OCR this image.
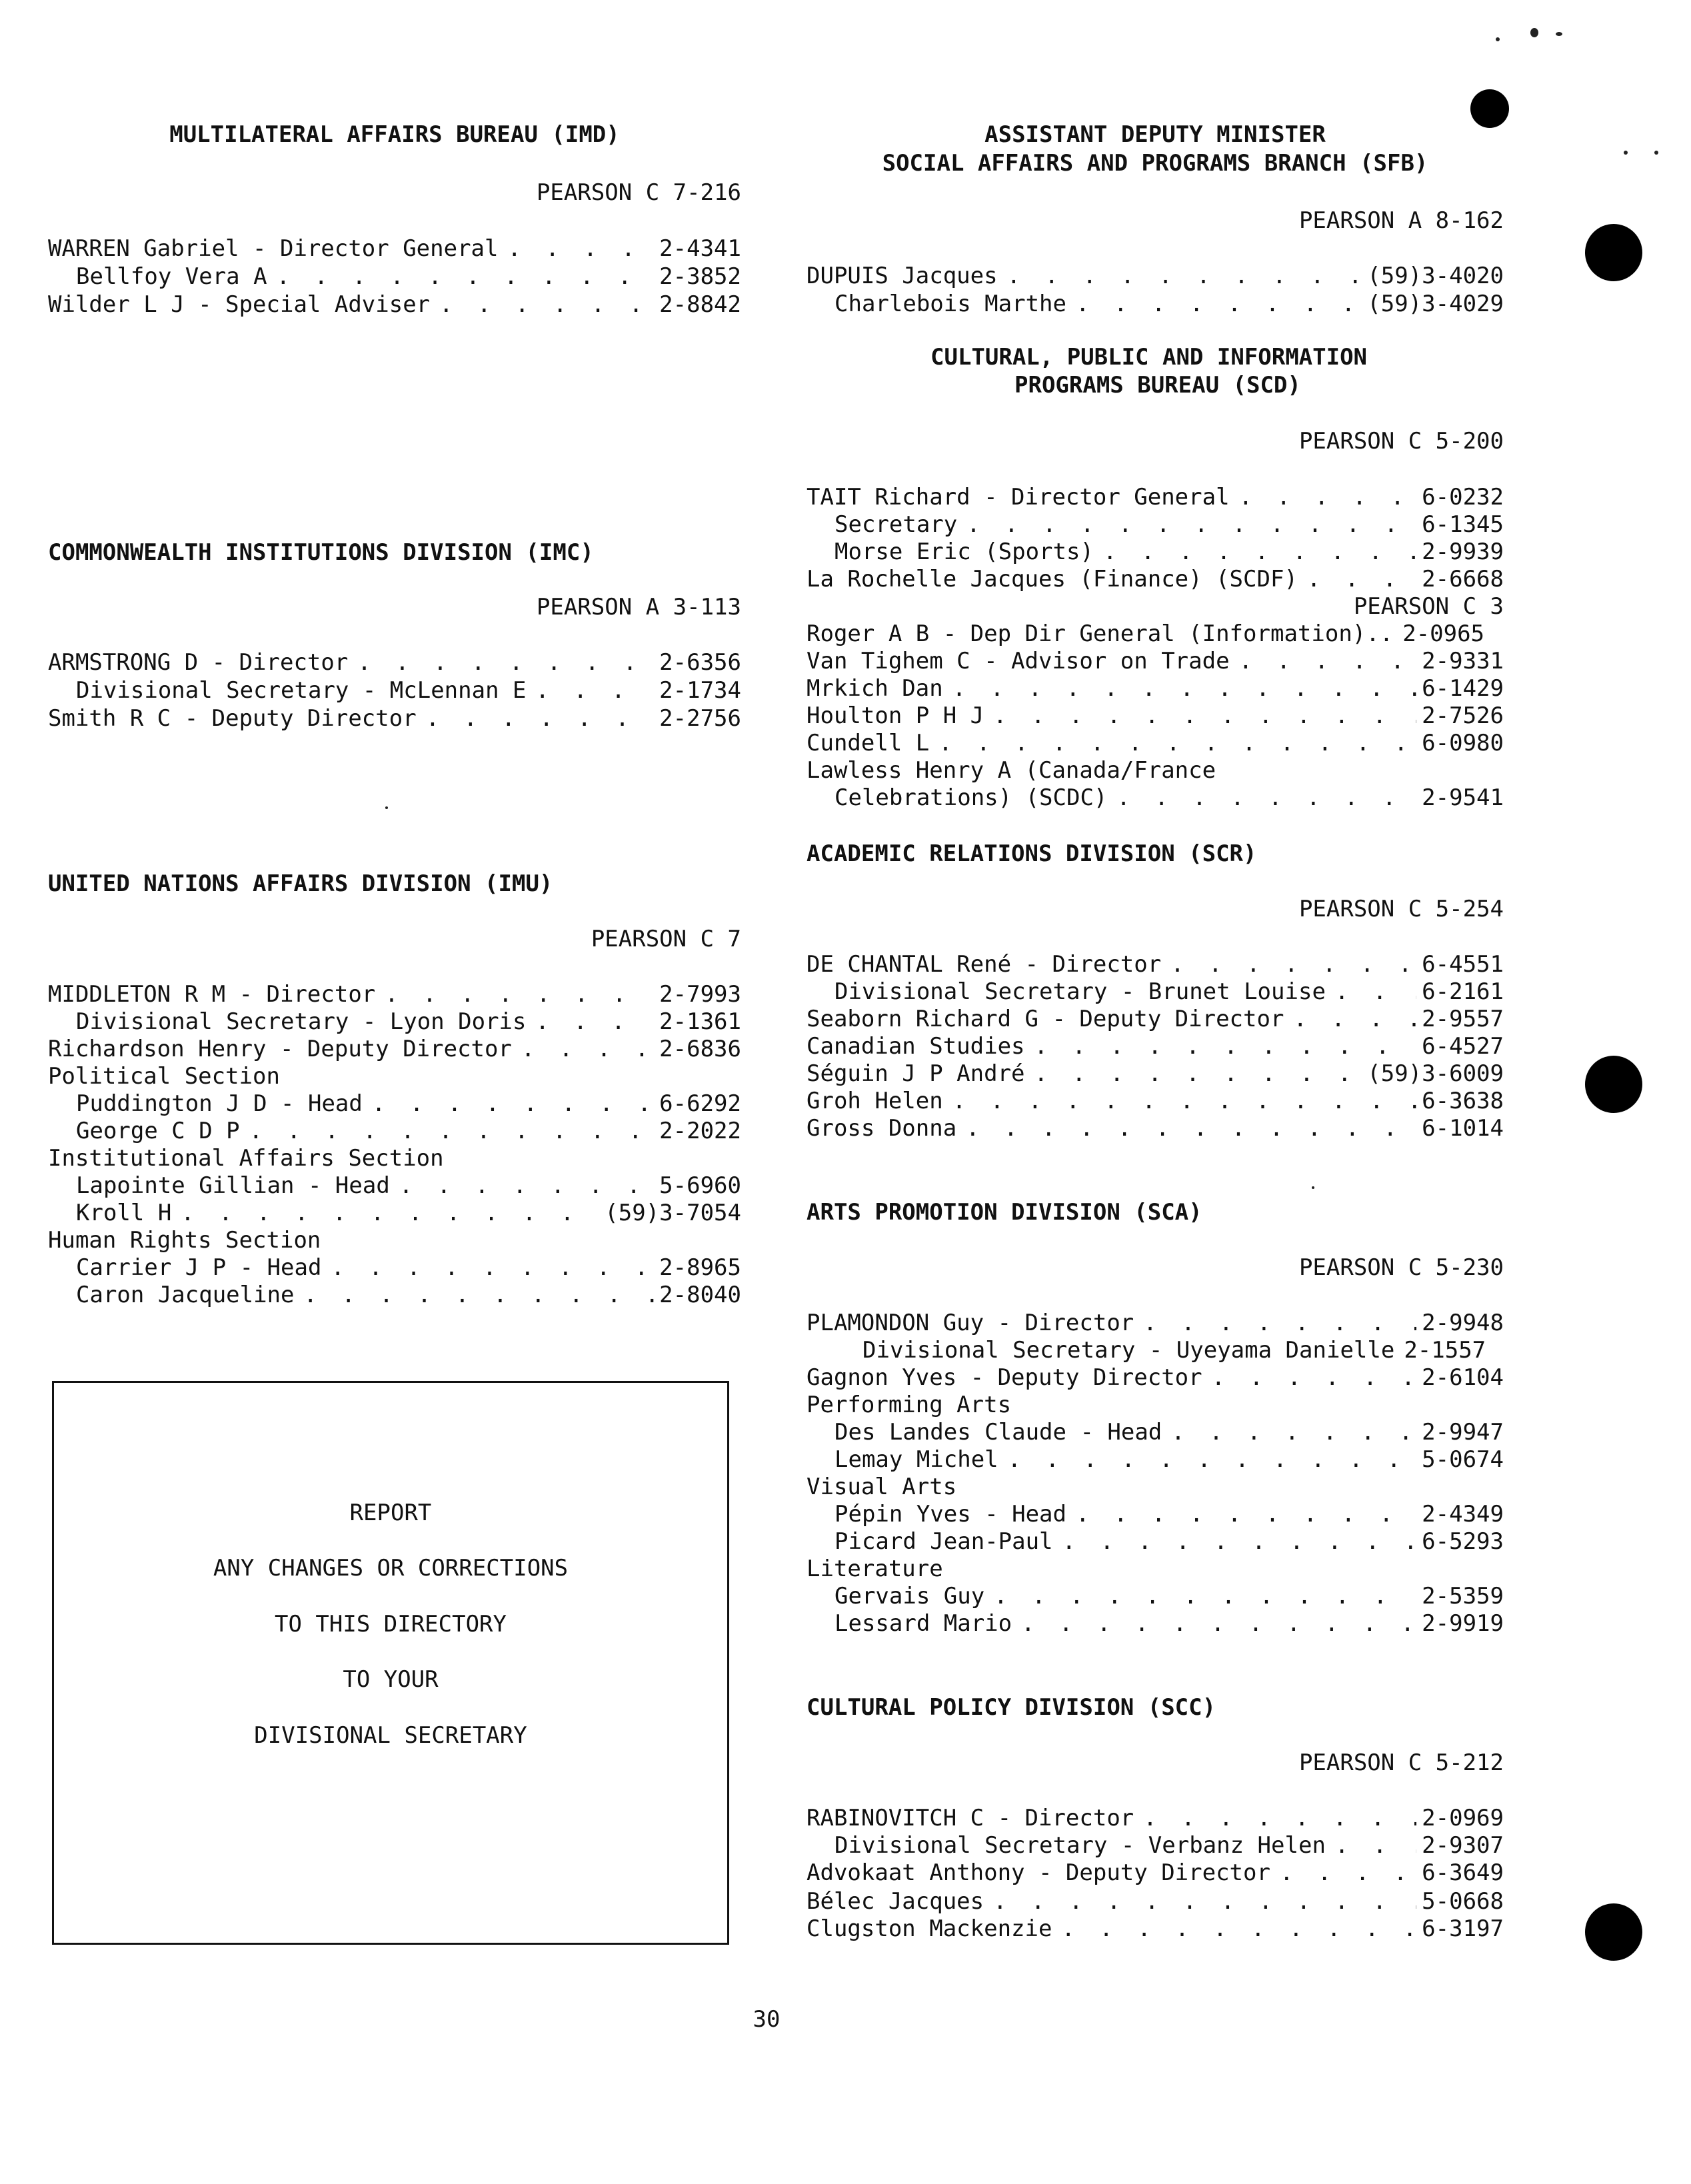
MULTILATERAL AFFAIRS BUREAU (IMD)
PEARSON C 7-216
WARREN Gabriel - Director General . . .	2-4341
Bellfoy Vera A . . .	2-3852
Wilder L J - Special Adviser . . .	2-8842
COMMONWEALTH INSTITUTIONS DIVISION (IMC)
PEARSON A 3-113
ARMSTRONG D - Director . . .	2-6356
Divisional Secretary - McLennan E . . .	2-1734
Smith R C - Deputy Director . . .	2-2756
UNITED NATIONS AFFAIRS DIVISION (IMU)
PEARSON C 7
MIDDLETON R M - Director . . .	2-7993
Divisional Secretary - Lyon Doris . . .	2-1361
Richardson Henry - Deputy Director . . .	2-6836
Political Section
Puddington J D - Head . . .	6-6292
George C D P . . .	2-2022
Institutional Affairs Section
Lapointe Gillian - Head . . .	5-6960
Kroll H . . .	(59)3-7054
Human Rights Section
Carrier J P - Head . . .	2-8965
Caron Jacqueline . . .	2-8040
REPORT
ANY CHANGES OR CORRECTIONS
TO THIS DIRECTORY
TO YOUR
DIVISIONAL SECRETARY
ASSISTANT DEPUTY MINISTER
SOCIAL AFFAIRS AND PROGRAMS BRANCH (SFB)
PEARSON A 8-162
DUPUIS Jacques . . .	(59)3-4020
Charlebois Marthe . . .	(59)3-4029
CULTURAL, PUBLIC AND INFORMATION
PROGRAMS BUREAU (SCD)
PEARSON C 5-200
TAIT Richard - Director General . . .	6-0232
Secretary . . .	6-1345
Morse Eric (Sports) . . .	2-9939
La Rochelle Jacques (Finance) (SCDF) . . .	2-6668
PEARSON C 3
Roger A B - Dep Dir General (Information).. 2-0965
Van Tighem C - Advisor on Trade . . .	2-9331
Mrkich Dan . . .	6-1429
Houlton P H J . . .	2-7526
Cundell L . . .	6-0980
Lawless Henry A (Canada/France
Celebrations) (SCDC) . . .	2-9541
ACADEMIC RELATIONS DIVISION (SCR)
PEARSON C 5-254
DE CHANTAL René - Director . . .	6-4551
Divisional Secretary - Brunet Louise . . .	6-2161
Seaborn Richard G - Deputy Director . . .	2-9557
Canadian Studies . . .	6-4527
Séguin J P André . . .	(59)3-6009
Groh Helen . . .	6-3638
Gross Donna . . .	6-1014
ARTS PROMOTION DIVISION (SCA)
PEARSON C 5-230
PLAMONDON Guy - Director . . .	2-9948
Divisional Secretary - Uyeyama Danielle 2-1557
Gagnon Yves - Deputy Director . . .	2-6104
Performing Arts
Des Landes Claude - Head . . .	2-9947
Lemay Michel . . .	5-0674
Visual Arts
Pépin Yves - Head . . .	2-4349
Picard Jean-Paul . . .	6-5293
Literature
Gervais Guy . . .	2-5359
Lessard Mario . . .	2-9919
CULTURAL POLICY DIVISION (SCC)
PEARSON C 5-212
RABINOVITCH C - Director . . .	2-0969
Divisional Secretary - Verbanz Helen . . .	2-9307
Advokaat Anthony - Deputy Director . . .	6-3649
Bélec Jacques . . .	5-0668
Clugston Mackenzie . . .	6-3197
30
